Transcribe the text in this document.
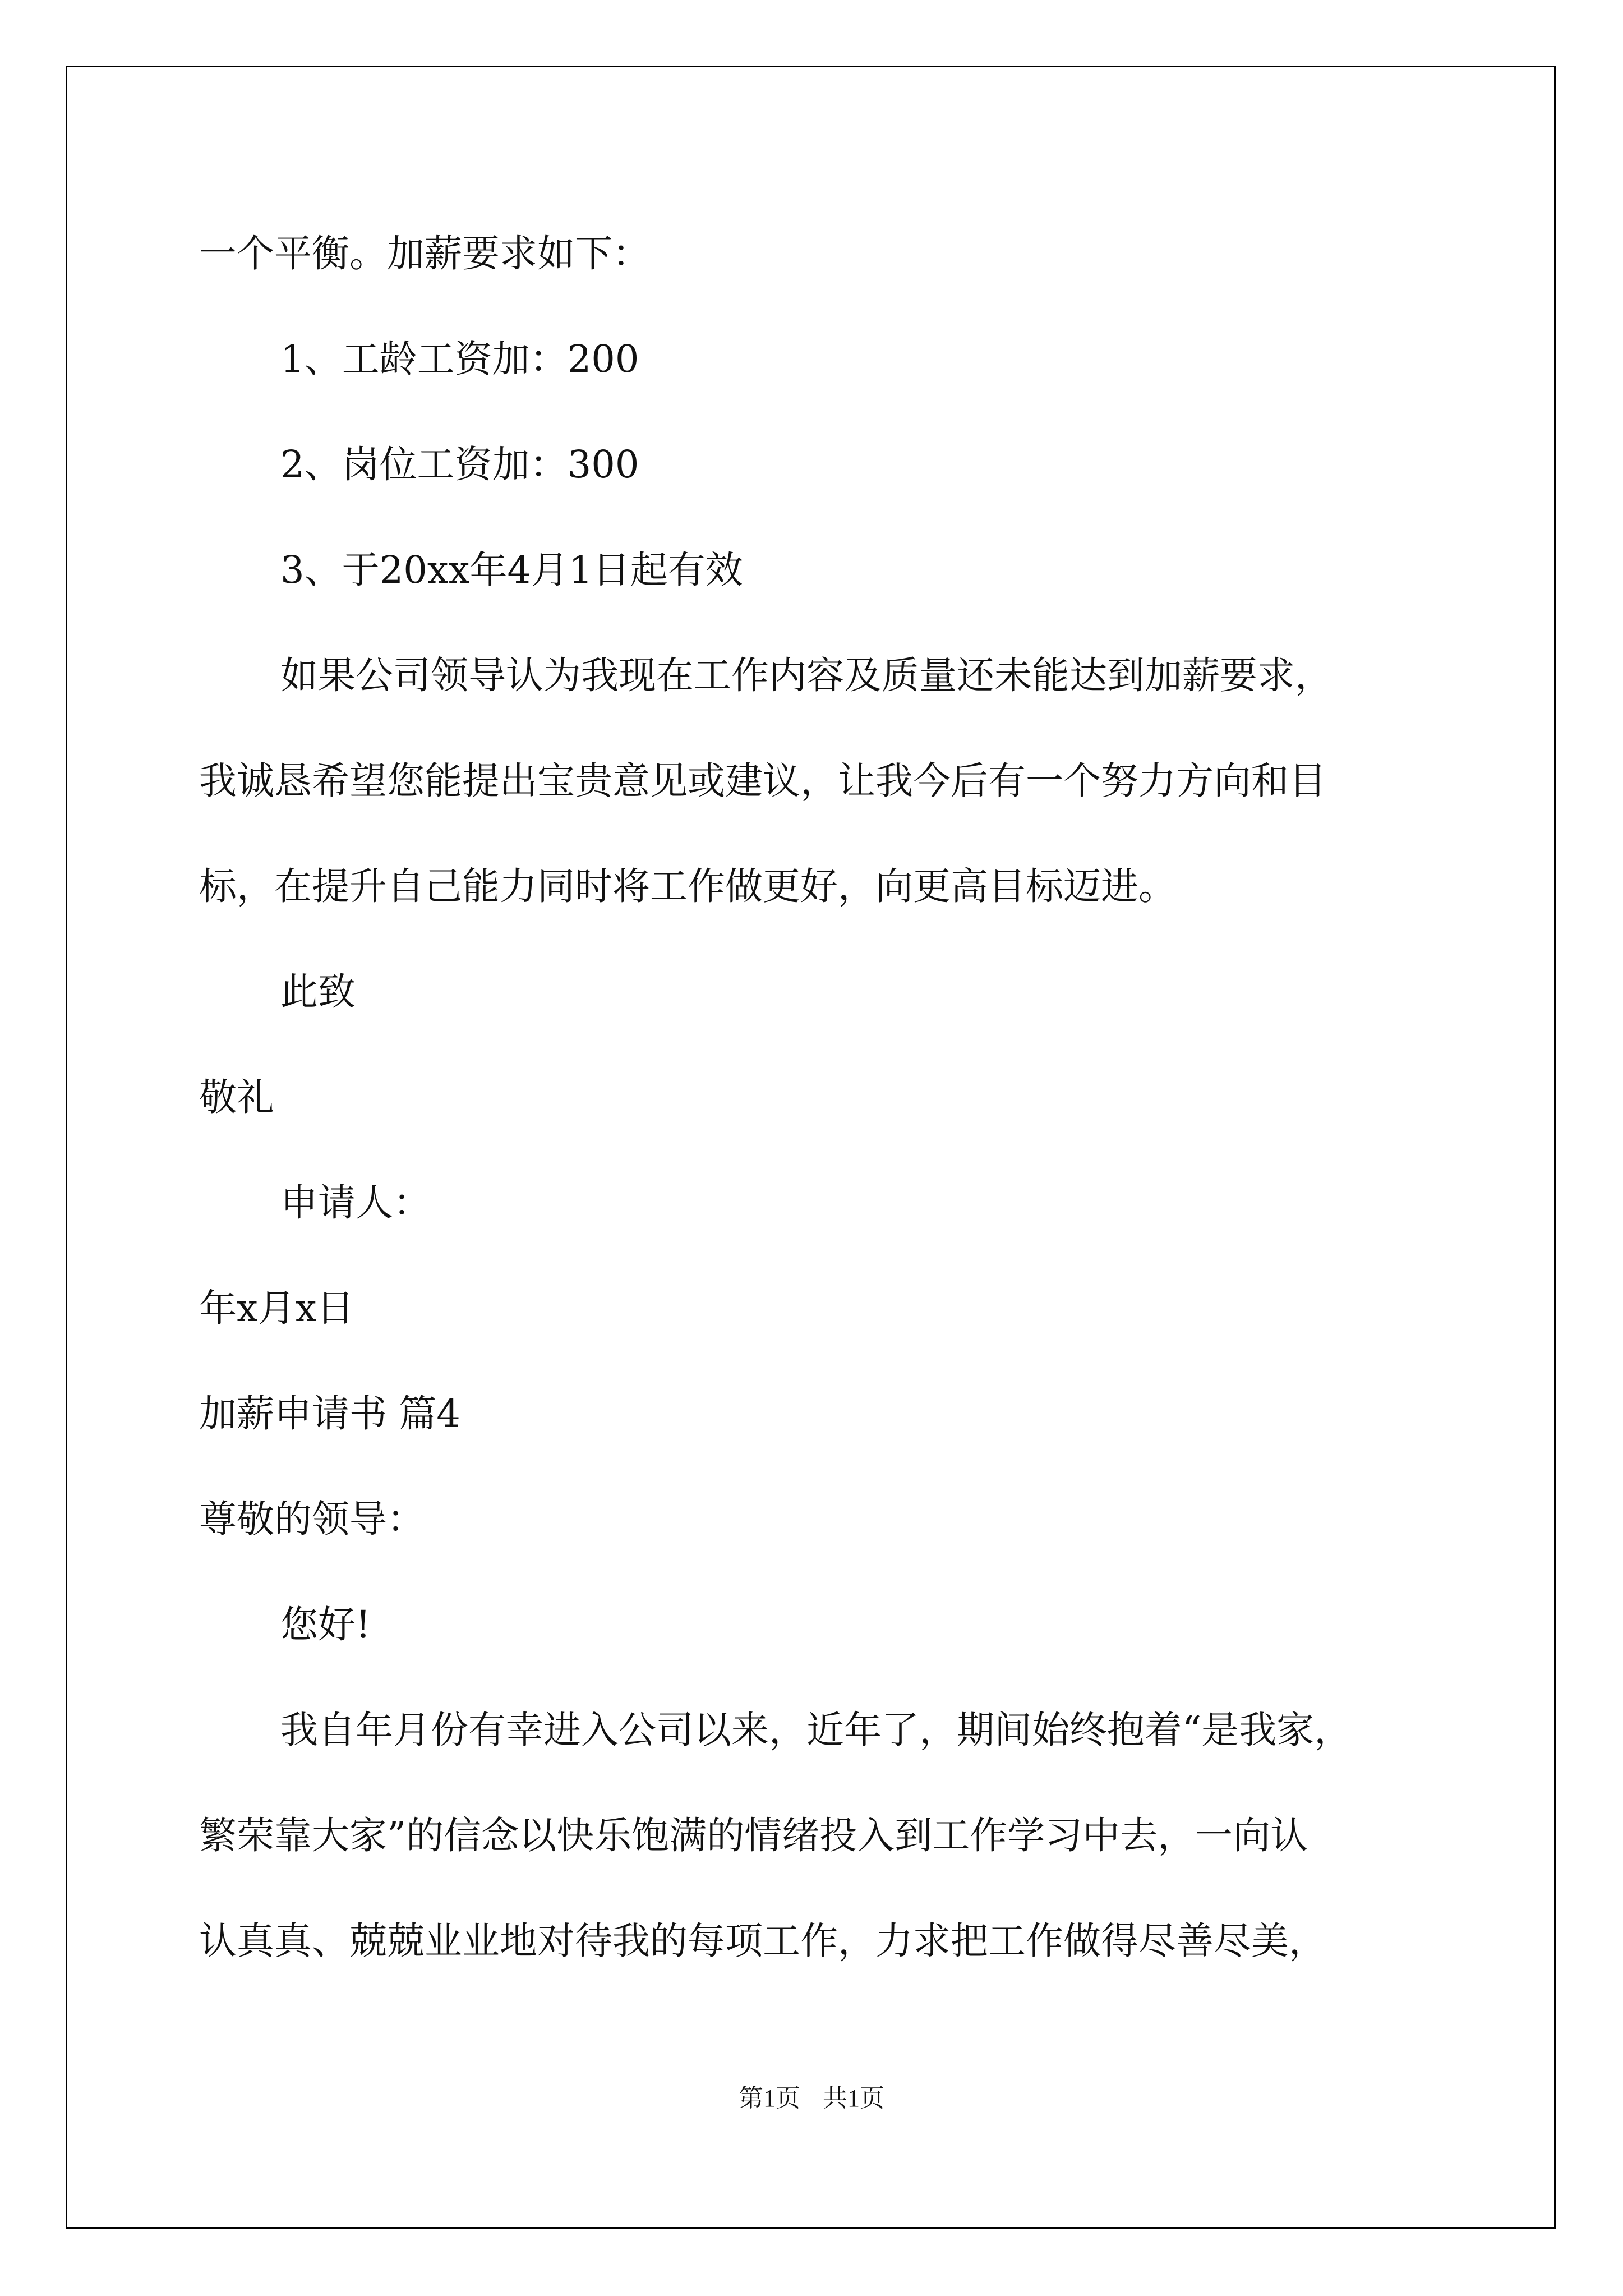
一个平衡。加薪要求如下：
1、工龄工资加：200
2、岗位工资加：300
3、于20xx年4月1日起有效
如果公司领导认为我现在工作内容及质量还未能达到加薪要求，
我诚恳希望您能提出宝贵意见或建议，让我今后有一个努力方向和目
标，在提升自己能力同时将工作做更好，向更高目标迈进。
此致
敬礼
申请人：
年x月x日
加薪申请书 篇4
尊敬的领导：
您好!
我自年月份有幸进入公司以来，近年了，期间始终抱着“是我家，
繁荣靠大家”的信念以快乐饱满的情绪投入到工作学习中去，一向认
认真真、兢兢业业地对待我的每项工作，力求把工作做得尽善尽美，
第1页 共1页
